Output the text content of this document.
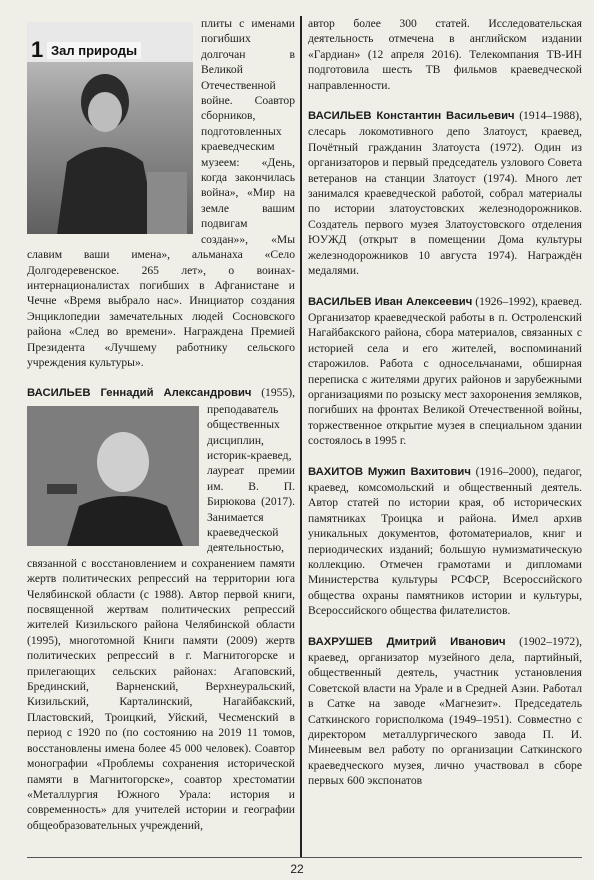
1 Зал природы

плиты с именами погибших долгочан в Великой Отечественной войне. Соавтор сборников, подготовленных краеведческим музеем: «День, когда закончилась война», «Мир на земле вашим подвигам создан»», «Мы славим ваши имена», альманаха «Село Долгодеревенское. 265 лет», о воинах-интернационалистах погибших в Афганистане и Чечне «Время выбрало нас». Инициатор создания Энциклопедии замечательных людей Сосновского района «След во времени». Награждена Премией Президента «Лучшему работнику сельского учреждения культуры».

ВАСИЛЬЕВ Геннадий Александрович
(1955), преподаватель общественных дисциплин, историк-краевед, лауреат премии им. В. П. Бирюкова (2017). Занимается краеведческой деятельностью, связанной с восстановлением и сохранением памяти жертв политических репрессий на территории юга Челябинской области (с 1988). Автор первой книги, посвященной жертвам политических репрессий жителей Кизильского района Челябинской области (1995), многотомной Книги памяти (2009) жертв политических репрессий в г. Магнитогорске и прилегающих сельских районах: Агаповский, Брединский, Варненский, Верхнеуральский, Кизильский, Карталинский, Нагайбакский, Пластовский, Троицкий, Уйский, Чесменский в период с 1920 по (по состоянию на 2019 11 томов, восстановлены имена более 45 000 человек). Соавтор монографии «Проблемы сохранения исторической памяти в Магнитогорске», соавтор хрестоматии «Металлургия Южного Урала: история и современность» для учителей истории и географии общеобразовательных учреждений,

автор более 300 статей. Исследовательская деятельность отмечена в английском издании «Гардиан» (12 апреля 2016). Телекомпания ТВ-ИН подготовила шесть ТВ фильмов краеведческой направленности.

ВАСИЛЬЕВ Константин Васильевич (1914–1988), слесарь локомотивного депо Златоуст, краевед, Почётный гражданин Златоуста (1972). Один из организаторов и первый председатель узлового Совета ветеранов на станции Златоуст (1974). Много лет занимался краеведческой работой, собрал материалы по истории златоустовских железнодорожников. Создатель первого музея Златоустовского отделения ЮУЖД (открыт в помещении Дома культуры железнодорожников 10 августа 1974). Награждён медалями.

ВАСИЛЬЕВ Иван Алексеевич (1926–1992), краевед. Организатор краеведческой работы в п. Остроленский Нагайбакского района, сбора материалов, связанных с историей села и его жителей, воспоминаний старожилов. Работа с односельчанами, обширная переписка с жителями других районов и зарубежными организациями по розыску мест захоронения земляков, погибших на фронтах Великой Отечественной войны, торжественное открытие музея в специальном здании состоялось в 1995 г.

ВАХИТОВ Мужип Вахитович (1916–2000), педагог, краевед, комсомольский и общественный деятель. Автор статей по истории края, об исторических памятниках Троицка и района. Имел архив уникальных документов, фотоматериалов, книг и периодических изданий; большую нумизматическую коллекцию. Отмечен грамотами и дипломами Министерства культуры РСФСР, Всероссийского общества охраны памятников истории и культуры, Всероссийского общества филателистов.

ВАХРУШЕВ Дмитрий Иванович (1902–1972), краевед, организатор музейного дела, партийный, общественный деятель, участник установления Советской власти на Урале и в Средней Азии. Работал в Сатке на заводе «Магнезит». Председатель Саткинского горисполкома (1949–1951). Совместно с директором металлургического завода П. И. Минеевым вел работу по организации Саткинского краеведческого музея, лично участвовал в сборе первых 600 экспонатов

22
